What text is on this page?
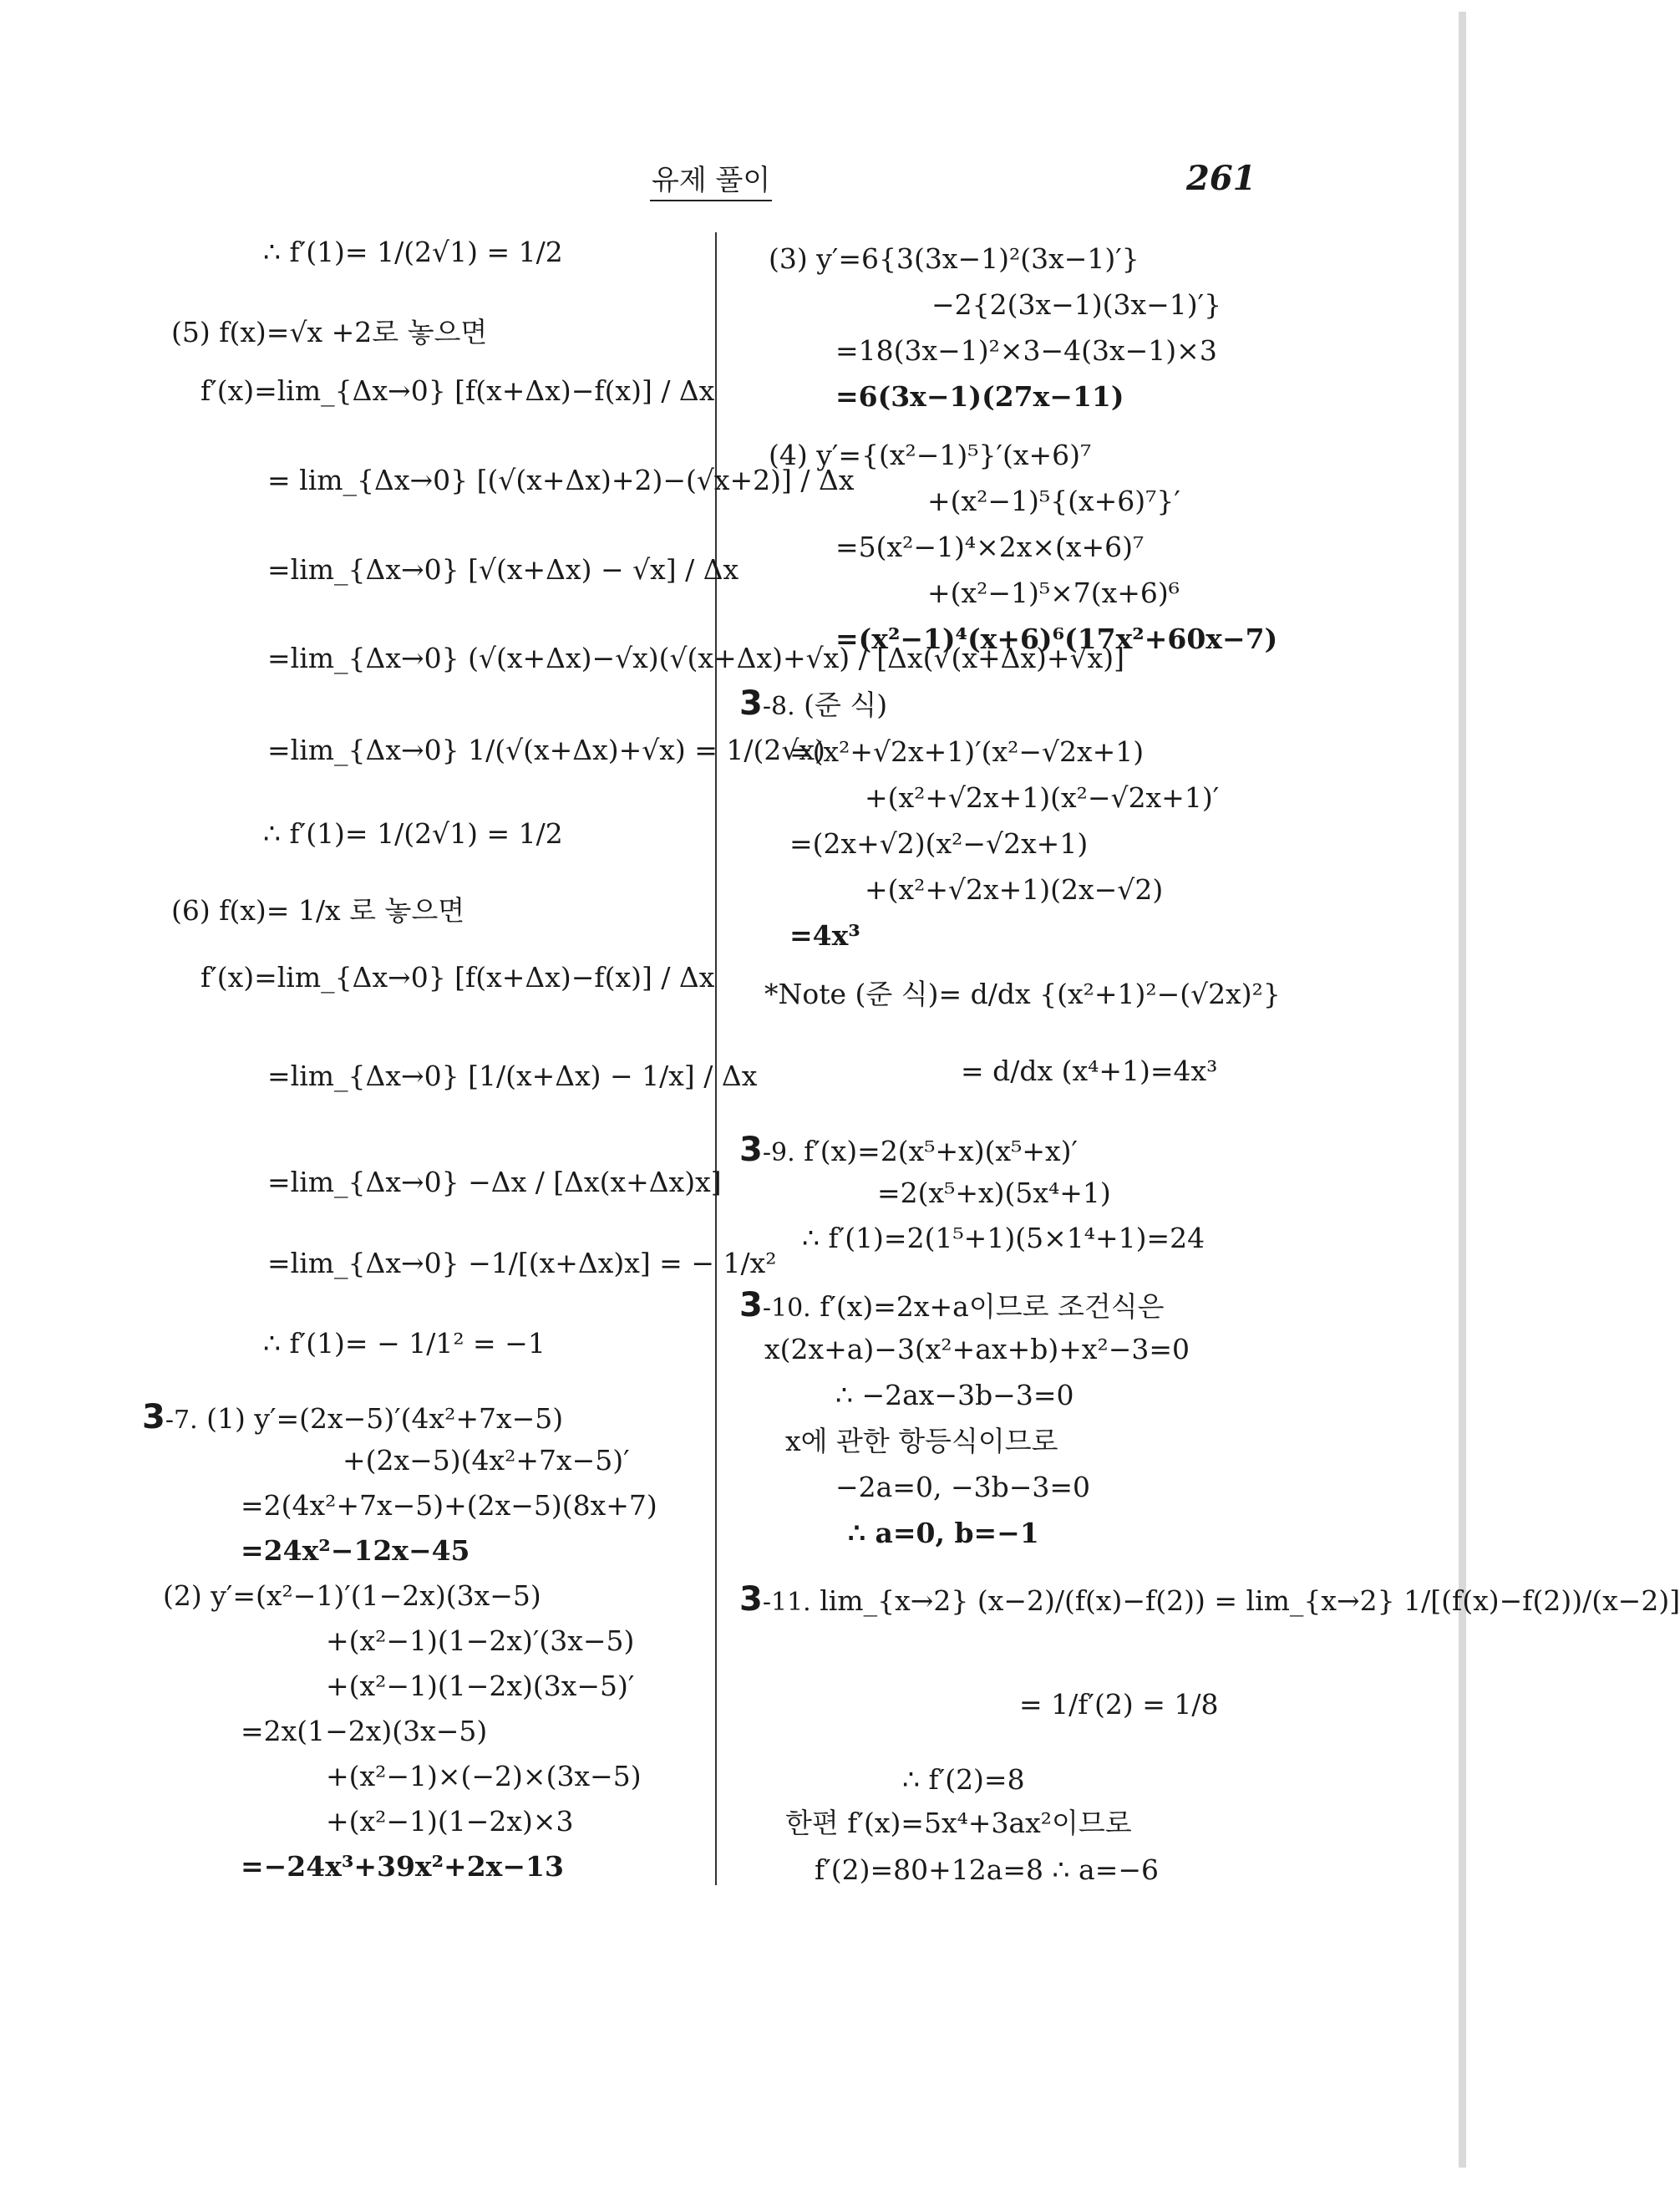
유제 풀이	261
∴ f′(1)= 1/(2√1) = 1/2
(5) f(x)=√x +2로 놓으면
f′(x)=lim_{Δx→0} [f(x+Δx)−f(x)] / Δx
= lim_{Δx→0} [(√(x+Δx)+2)−(√x+2)] / Δx
=lim_{Δx→0} [√(x+Δx) − √x] / Δx
=lim_{Δx→0} (√(x+Δx)−√x)(√(x+Δx)+√x) / [Δx(√(x+Δx)+√x)]
=lim_{Δx→0} 1/(√(x+Δx)+√x) = 1/(2√x)
∴ f′(1)= 1/(2√1) = 1/2
(6) f(x)= 1/x 로 놓으면
f′(x)=lim_{Δx→0} [f(x+Δx)−f(x)] / Δx
=lim_{Δx→0} [1/(x+Δx) − 1/x] / Δx
=lim_{Δx→0} −Δx / [Δx(x+Δx)x]
=lim_{Δx→0} −1/[(x+Δx)x] = − 1/x²
∴ f′(1)= − 1/1² = −1
3-7. (1) y′=(2x−5)′(4x²+7x−5)
+(2x−5)(4x²+7x−5)′
=2(4x²+7x−5)+(2x−5)(8x+7)
=24x²−12x−45
(2) y′=(x²−1)′(1−2x)(3x−5)
+(x²−1)(1−2x)′(3x−5)
+(x²−1)(1−2x)(3x−5)′
=2x(1−2x)(3x−5)
+(x²−1)×(−2)×(3x−5)
+(x²−1)(1−2x)×3
=−24x³+39x²+2x−13
(3) y′=6{3(3x−1)²(3x−1)′}
−2{2(3x−1)(3x−1)′}
=18(3x−1)²×3−4(3x−1)×3
=6(3x−1)(27x−11)
(4) y′={(x²−1)⁵}′(x+6)⁷
+(x²−1)⁵{(x+6)⁷}′
=5(x²−1)⁴×2x×(x+6)⁷
+(x²−1)⁵×7(x+6)⁶
=(x²−1)⁴(x+6)⁶(17x²+60x−7)
3-8. (준 식)
=(x²+√2x+1)′(x²−√2x+1)
+(x²+√2x+1)(x²−√2x+1)′
=(2x+√2)(x²−√2x+1)
+(x²+√2x+1)(2x−√2)
=4x³
*Note (준 식)= d/dx {(x²+1)²−(√2x)²}
= d/dx (x⁴+1)=4x³
3-9. f′(x)=2(x⁵+x)(x⁵+x)′
=2(x⁵+x)(5x⁴+1)
∴ f′(1)=2(1⁵+1)(5×1⁴+1)=24
3-10. f′(x)=2x+a이므로 조건식은
x(2x+a)−3(x²+ax+b)+x²−3=0
∴ −2ax−3b−3=0
x에 관한 항등식이므로
−2a=0, −3b−3=0
∴ a=0, b=−1
3-11. lim_{x→2} (x−2)/(f(x)−f(2)) = lim_{x→2} 1/[(f(x)−f(2))/(x−2)]
= 1/f′(2) = 1/8
∴ f′(2)=8
한편 f′(x)=5x⁴+3ax²이므로
f′(2)=80+12a=8 ∴ a=−6
